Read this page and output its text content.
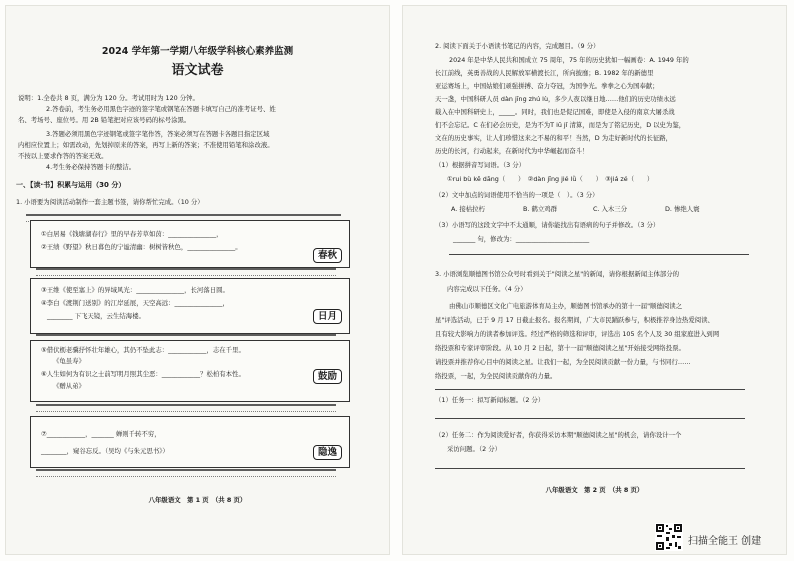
2024 学年第一学期八年级学科核心素养监测
语文试卷
说明：1.全卷共 8 页，满分为 120 分。考试用时为 120 分钟。
2.答卷前，考生务必用黑色字迹的签字笔或钢笔在答题卡填写自己的准考证号、姓
名、考场号、座位号。用 2B 铅笔把对应该号码的标号涂黑。
3.答题必须用黑色字迹钢笔或签字笔作答，答案必须写在答题卡各题目指定区域
内相应位置上；如需改动，先划掉原来的答案，再写上新的答案；不准使用铅笔和涂改液。
不按以上要求作答的答案无效。
4.考生务必保持答题卡的整洁。
一、【读·书】积累与运用（30 分）
1. 小语要为阅读活动制作一套主题书签，请你帮忙完成。（10 分）
①白居易《钱塘湖春行》里的早春芳草如茵：_______________，
②王绩《野望》秋日暮色的宁谧清幽：树树皆秋色，_______________。
春秋
③王维《使至塞上》的异域风光：_______________，长河落日圆。
④李白《渡荆门送别》的江岸延展，天空高远：_______________，
________ 下飞天镜，云生结海楼。	日月
⑤借伏枥老骥抒怀壮年雄心，其仍不坠此志：____________，志在千里。
《龟虽寿》
⑥人生如何为有识之士前写明月照其尘恶：____________？松柏有本性。
《赠从弟》
鼓励
⑦____________，_______ 蝉则千转不穷，
________，窥谷忘反。（吴均《与朱元思书》）	隐逸
八年级语文　第 1 页　（共 8 页）
2. 阅读下面关于小语读书笔记的内容，完成题目。（9 分）
2024 年是中华人民共和国成立 75 周年，75 年的历史犹如一幅画卷：A. 1949 年的
长江前线，英勇善战的人民解放军横渡长江，所向披靡；B. 1982 年的新德里
亚运赛场上，中国姑娘们顽强拼搏、奋力夺冠，为国争光。拳拳之心为国奉献；
天一盏，中国科研人员 dàn jīng zhú lù，多少人夜以继日地……他们的历史功绩永远
载入在中国科研史上，_____。同时，我们也是促记国难，即使是入侵的南京大屠杀战
们不会忘记。C 在们必会历史，是为不为T iū jǐ 清算，而是为了铭记历史，D 以史为鉴，
文在的历史事实，让人们珍惜这来之不易的和平！当然，D 为走好新时代的长征路，
历史的长河，行动起来，在新时代为中华崛起而奋斗！
（1）根据拼音写词语。（3 分）
①rui bù kě dāng（　　）　②dàn jīng jié lǜ（　　）　③jiá zé（　　）
（2）文中加点的词语使用不恰当的一项是（　）。（3 分）
A. 接枯拉朽	B. 鹤立鸡群	C. 入木三分	D. 惨绝人寰
（3）小语写的这段文字中不太通顺，请你能找出有语病的句子并修改。（3 分）
_______ 句，修改为：_______________________
3. 小语浏览顺德图书馆公众号时看到关于"阅读之星"的新闻，请你根据新闻主体部分的
内容完成以下任务。（4 分）
由佛山市顺德区文化广电旅游体育局主办，顺德图书馆承办的第十一届"顺德阅读之
星"评选活动，已于 9 月 17 日截止报名。报名期间，广大市民踊跃参与，积极推荐身边热爱阅读、
且有较大影响力的读者参加评选。经过严格的筛选和评审，评选出 105 名个人及 30 组家庭进入到网
络投票和专家评审阶段。从 10 月 2 日起，第十一届"顺德阅读之星"开始接受网络投票。
请投票并推荐你心目中的阅读之星。让我们一起，为全民阅读贡献一份力量，与书同行……
络投票，一起，为全民阅读贡献你的力量。
（1）任务一：拟写新闻标题。（2 分）
（2）任务二：作为阅读爱好者，你获得采访本期"顺德阅读之星"的机会，请你设计一个
采访问题。（2 分）
八年级语文　第 2 页　（共 8 页）
扫描全能王 创建
